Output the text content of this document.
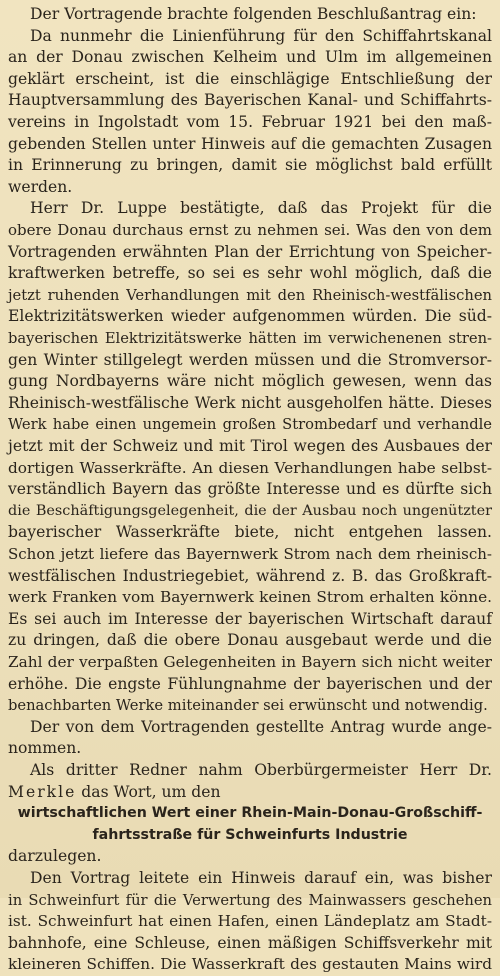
Der Vortragende brachte folgenden Beschlußantrag ein:
Da nunmehr die Linienführung für den Schiffahrtskanal
an der Donau zwischen Kelheim und Ulm im allgemeinen
geklärt erscheint, ist die einschlägige Entschließung der
Hauptversammlung des Bayerischen Kanal- und Schiffahrts-
vereins in Ingolstadt vom 15. Februar 1921 bei den maß-
gebenden Stellen unter Hinweis auf die gemachten Zusagen
in Erinnerung zu bringen, damit sie möglichst bald erfüllt
werden.
Herr Dr. Luppe bestätigte, daß das Projekt für die
obere Donau durchaus ernst zu nehmen sei. Was den von dem
Vortragenden erwähnten Plan der Errichtung von Speicher-
kraftwerken betreffe, so sei es sehr wohl möglich, daß die
jetzt ruhenden Verhandlungen mit den Rheinisch-westfälischen
Elektrizitätswerken wieder aufgenommen würden. Die süd-
bayerischen Elektrizitätswerke hätten im verwichenenen stren-
gen Winter stillgelegt werden müssen und die Stromversor-
gung Nordbayerns wäre nicht möglich gewesen, wenn das
Rheinisch-westfälische Werk nicht ausgeholfen hätte. Dieses
Werk habe einen ungemein großen Strombedarf und verhandle
jetzt mit der Schweiz und mit Tirol wegen des Ausbaues der
dortigen Wasserkräfte. An diesen Verhandlungen habe selbst-
verständlich Bayern das größte Interesse und es dürfte sich
die Beschäftigungsgelegenheit, die der Ausbau noch ungenützter
bayerischer Wasserkräfte biete, nicht entgehen lassen.
Schon jetzt liefere das Bayernwerk Strom nach dem rheinisch-
westfälischen Industriegebiet, während z. B. das Großkraft-
werk Franken vom Bayernwerk keinen Strom erhalten könne.
Es sei auch im Interesse der bayerischen Wirtschaft darauf
zu dringen, daß die obere Donau ausgebaut werde und die
Zahl der verpaßten Gelegenheiten in Bayern sich nicht weiter
erhöhe. Die engste Fühlungnahme der bayerischen und der
benachbarten Werke miteinander sei erwünscht und notwendig.
Der von dem Vortragenden gestellte Antrag wurde ange-
nommen.
Als dritter Redner nahm Oberbürgermeister Herr Dr.
Merkle das Wort, um den
wirtschaftlichen Wert einer Rhein-Main-Donau-Großschiff-
fahrtsstraße für Schweinfurts Industrie
darzulegen.
Den Vortrag leitete ein Hinweis darauf ein, was bisher
in Schweinfurt für die Verwertung des Mainwassers geschehen
ist. Schweinfurt hat einen Hafen, einen Ländeplatz am Stadt-
bahnhofe, eine Schleuse, einen mäßigen Schiffsverkehr mit
kleineren Schiffen. Die Wasserkraft des gestauten Mains wird
